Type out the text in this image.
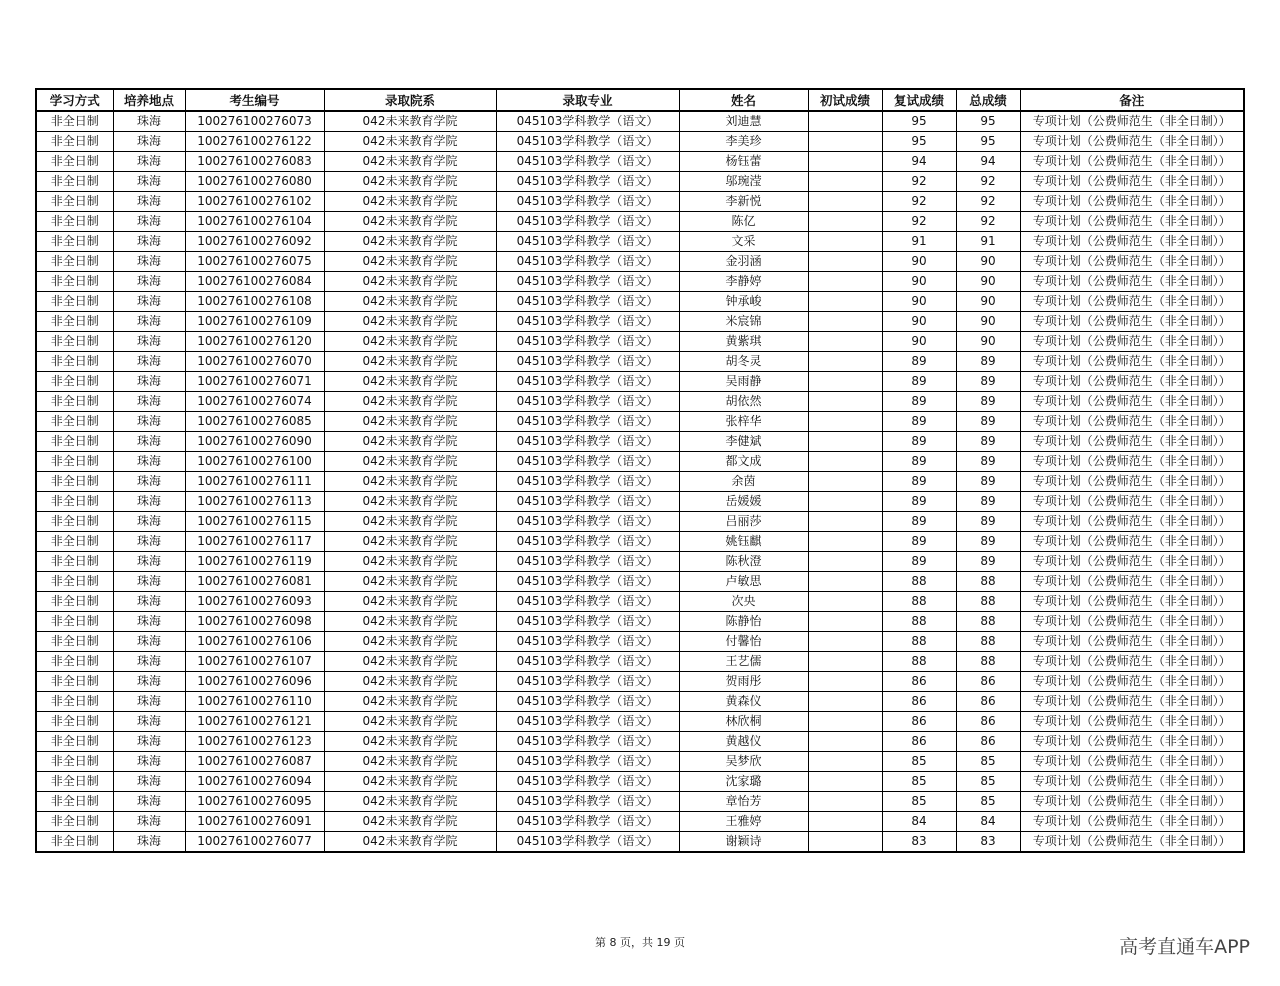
学习方式	培养地点	考生编号	录取院系	录取专业	姓名	初试成绩	复试成绩	总成绩	备注
非全日制	珠海	100276100276073	042未来教育学院	045103学科教学（语文）	刘迪慧		95	95	专项计划（公费师范生（非全日制））
非全日制	珠海	100276100276122	042未来教育学院	045103学科教学（语文）	李美珍		95	95	专项计划（公费师范生（非全日制））
非全日制	珠海	100276100276083	042未来教育学院	045103学科教学（语文）	杨钰蕾		94	94	专项计划（公费师范生（非全日制））
非全日制	珠海	100276100276080	042未来教育学院	045103学科教学（语文）	邬琬滢		92	92	专项计划（公费师范生（非全日制））
非全日制	珠海	100276100276102	042未来教育学院	045103学科教学（语文）	李新悦		92	92	专项计划（公费师范生（非全日制））
非全日制	珠海	100276100276104	042未来教育学院	045103学科教学（语文）	陈亿		92	92	专项计划（公费师范生（非全日制））
非全日制	珠海	100276100276092	042未来教育学院	045103学科教学（语文）	文采		91	91	专项计划（公费师范生（非全日制））
非全日制	珠海	100276100276075	042未来教育学院	045103学科教学（语文）	金羽涵		90	90	专项计划（公费师范生（非全日制））
非全日制	珠海	100276100276084	042未来教育学院	045103学科教学（语文）	李静婷		90	90	专项计划（公费师范生（非全日制））
非全日制	珠海	100276100276108	042未来教育学院	045103学科教学（语文）	钟承峻		90	90	专项计划（公费师范生（非全日制））
非全日制	珠海	100276100276109	042未来教育学院	045103学科教学（语文）	米宸锦		90	90	专项计划（公费师范生（非全日制））
非全日制	珠海	100276100276120	042未来教育学院	045103学科教学（语文）	黄紫琪		90	90	专项计划（公费师范生（非全日制））
非全日制	珠海	100276100276070	042未来教育学院	045103学科教学（语文）	胡冬灵		89	89	专项计划（公费师范生（非全日制））
非全日制	珠海	100276100276071	042未来教育学院	045103学科教学（语文）	吴雨静		89	89	专项计划（公费师范生（非全日制））
非全日制	珠海	100276100276074	042未来教育学院	045103学科教学（语文）	胡依然		89	89	专项计划（公费师范生（非全日制））
非全日制	珠海	100276100276085	042未来教育学院	045103学科教学（语文）	张梓华		89	89	专项计划（公费师范生（非全日制））
非全日制	珠海	100276100276090	042未来教育学院	045103学科教学（语文）	李健斌		89	89	专项计划（公费师范生（非全日制））
非全日制	珠海	100276100276100	042未来教育学院	045103学科教学（语文）	都文成		89	89	专项计划（公费师范生（非全日制））
非全日制	珠海	100276100276111	042未来教育学院	045103学科教学（语文）	余茵		89	89	专项计划（公费师范生（非全日制））
非全日制	珠海	100276100276113	042未来教育学院	045103学科教学（语文）	岳媛媛		89	89	专项计划（公费师范生（非全日制））
非全日制	珠海	100276100276115	042未来教育学院	045103学科教学（语文）	吕丽莎		89	89	专项计划（公费师范生（非全日制））
非全日制	珠海	100276100276117	042未来教育学院	045103学科教学（语文）	姚钰麒		89	89	专项计划（公费师范生（非全日制））
非全日制	珠海	100276100276119	042未来教育学院	045103学科教学（语文）	陈秋澄		89	89	专项计划（公费师范生（非全日制））
非全日制	珠海	100276100276081	042未来教育学院	045103学科教学（语文）	卢敏思		88	88	专项计划（公费师范生（非全日制））
非全日制	珠海	100276100276093	042未来教育学院	045103学科教学（语文）	次央		88	88	专项计划（公费师范生（非全日制））
非全日制	珠海	100276100276098	042未来教育学院	045103学科教学（语文）	陈静怡		88	88	专项计划（公费师范生（非全日制））
非全日制	珠海	100276100276106	042未来教育学院	045103学科教学（语文）	付馨怡		88	88	专项计划（公费师范生（非全日制））
非全日制	珠海	100276100276107	042未来教育学院	045103学科教学（语文）	王艺儒		88	88	专项计划（公费师范生（非全日制））
非全日制	珠海	100276100276096	042未来教育学院	045103学科教学（语文）	贺雨彤		86	86	专项计划（公费师范生（非全日制））
非全日制	珠海	100276100276110	042未来教育学院	045103学科教学（语文）	黄森仪		86	86	专项计划（公费师范生（非全日制））
非全日制	珠海	100276100276121	042未来教育学院	045103学科教学（语文）	林欣桐		86	86	专项计划（公费师范生（非全日制））
非全日制	珠海	100276100276123	042未来教育学院	045103学科教学（语文）	黄越仪		86	86	专项计划（公费师范生（非全日制））
非全日制	珠海	100276100276087	042未来教育学院	045103学科教学（语文）	吴梦欣		85	85	专项计划（公费师范生（非全日制））
非全日制	珠海	100276100276094	042未来教育学院	045103学科教学（语文）	沈家璐		85	85	专项计划（公费师范生（非全日制））
非全日制	珠海	100276100276095	042未来教育学院	045103学科教学（语文）	章怡芳		85	85	专项计划（公费师范生（非全日制））
非全日制	珠海	100276100276091	042未来教育学院	045103学科教学（语文）	王雅婷		84	84	专项计划（公费师范生（非全日制））
非全日制	珠海	100276100276077	042未来教育学院	045103学科教学（语文）	谢颖诗		83	83	专项计划（公费师范生（非全日制））
第 8 页，共 19 页	高考直通车APP
